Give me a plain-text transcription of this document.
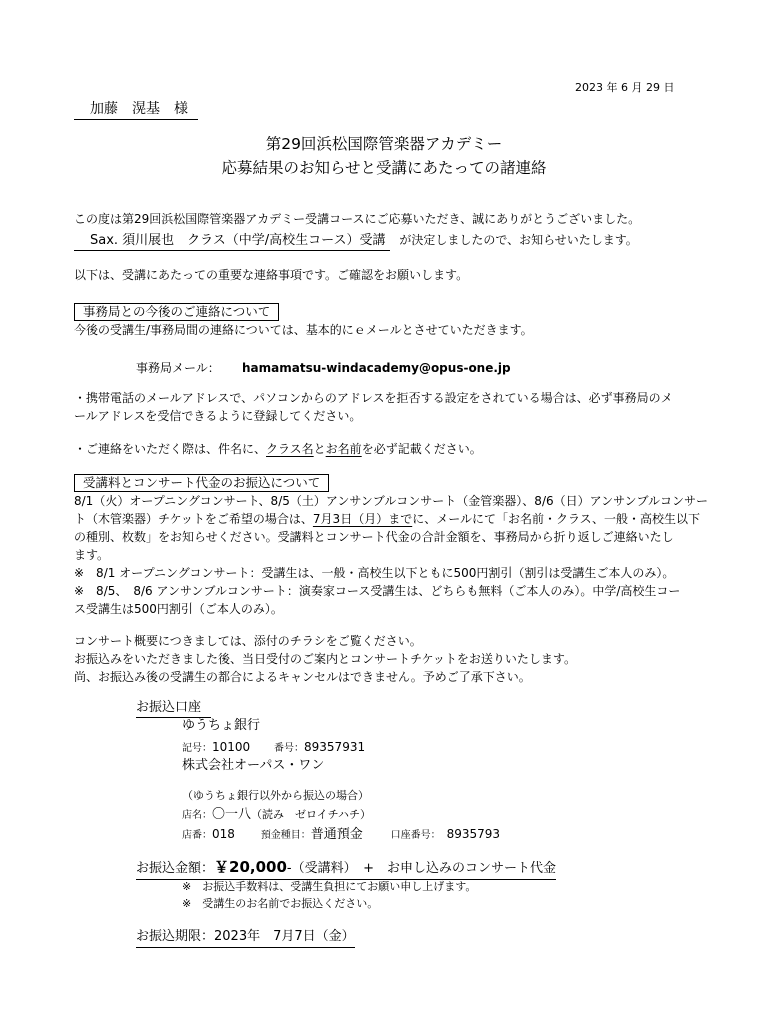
2023 年 6 月 29 日
加藤　滉基　様
第29回浜松国際管楽器アカデミー
応募結果のお知らせと受講にあたっての諸連絡
この度は第29回浜松国際管楽器アカデミー受講コースにご応募いただき、誠にありがとうございました。
Sax. 須川展也　クラス（中学/高校生コース）受講 が決定しましたので、お知らせいたします。
以下は、受講にあたっての重要な連絡事項です。ご確認をお願いします。
事務局との今後のご連絡について
今後の受講生/事務局間の連絡については、基本的にｅメールとさせていただきます。
事務局メール： hamamatsu-windacademy@opus-one.jp
・携帯電話のメールアドレスで、パソコンからのアドレスを拒否する設定をされている場合は、必ず事務局のメ
ールアドレスを受信できるように登録してください。
・ご連絡をいただく際は、件名に、クラス名とお名前を必ず記載ください。
受講料とコンサート代金のお振込について
8/1（火）オープニングコンサート、8/5（土）アンサンブルコンサート（金管楽器）、8/6（日）アンサンブルコンサー
ト（木管楽器）チケットをご希望の場合は、7月3日（月）までに、メールにて「お名前・クラス、一般・高校生以下
の種別、枚数」をお知らせください。受講料とコンサート代金の合計金額を、事務局から折り返しご連絡いたし
ます。
※　8/1 オープニングコンサート：受講生は、一般・高校生以下ともに500円割引（割引は受講生ご本人のみ）。
※　8/5、　8/6 アンサンブルコンサート：演奏家コース受講生は、どちらも無料（ご本人のみ）。中学/高校生コー
ス受講生は500円割引（ご本人のみ）。
コンサート概要につきましては、添付のチラシをご覧ください。
お振込みをいただきました後、当日受付のご案内とコンサートチケットをお送りいたします。
尚、お振込み後の受講生の都合によるキャンセルはできません。予めご了承下さい。
お振込口座
ゆうちょ銀行
記号：10100 番号：89357931
株式会社オーパス・ワン
（ゆうちょ銀行以外から振込の場合）
店名：〇一八（読み　ゼロイチハチ）
店番：018	預金種目：普通預金	口座番号： 8935793
お振込金額：￥20,000-（受講料）　+　お申し込みのコンサート代金
※　お振込手数料は、受講生負担にてお願い申し上げます。
※　受講生のお名前でお振込ください。
お振込期限：2023年　7月7日（金）
